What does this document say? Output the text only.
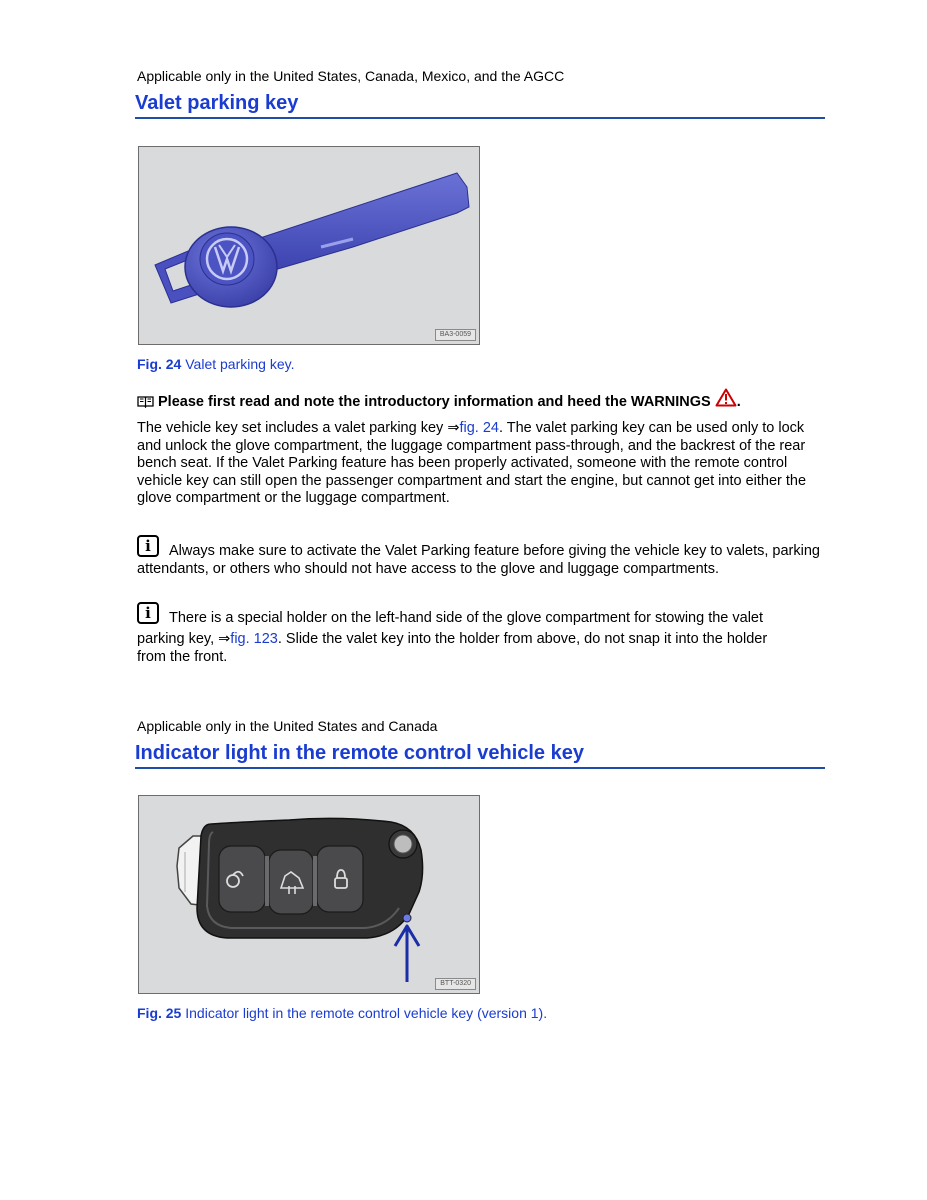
Applicable only in the United States, Canada, Mexico, and the AGCC
Valet parking key
BA3-0059
Fig. 24 Valet parking key.
Please first read and note the introductory information and heed the WARNINGS .
The vehicle key set includes a valet parking key ⇒fig. 24. The valet parking key can be used only to lock and unlock the glove compartment, the luggage compartment pass-through, and the backrest of the rear bench seat. If the Valet Parking feature has been properly activated, someone with the remote control vehicle key can still open the passenger compartment and start the engine, but cannot get into either the glove compartment or the luggage compartment.
i	Always make sure to activate the Valet Parking feature before giving the vehicle key to valets, parking attendants, or others who should not have access to the glove and luggage compartments.
i	There is a special holder on the left-hand side of the glove compartment for stowing the valet
parking key, ⇒fig. 123. Slide the valet key into the holder from above, do not snap it into the holder
from the front.
Applicable only in the United States and Canada
Indicator light in the remote control vehicle key
BTT-0320
Fig. 25 Indicator light in the remote control vehicle key (version 1).
